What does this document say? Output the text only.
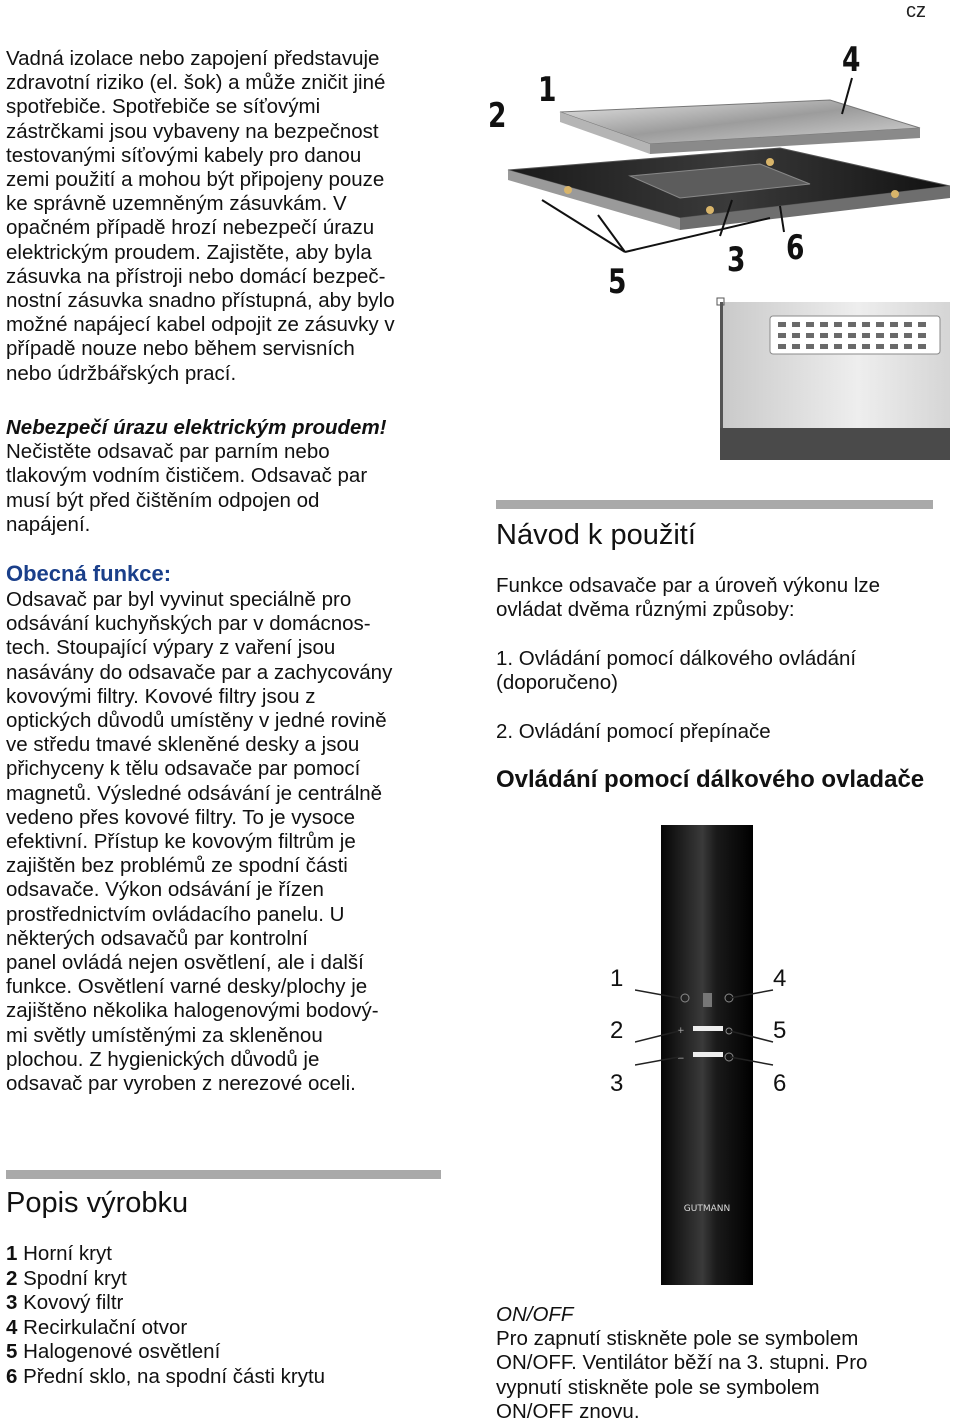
cz

Vadná izolace nebo zapojení představuje
zdravotní riziko (el. šok) a může zničit jiné
spotřebiče. Spotřebiče se síťovými
zástrčkami jsou vybaveny na bezpečnost
testovanými síťovými kabely pro danou
zemi použití a mohou být připojeny pouze
ke správně uzemněným zásuvkám. V
opačném případě hrozí nebezpečí úrazu
elektrickým proudem. Zajistěte, aby byla
zásuvka na přístroji nebo domácí bezpeč-
nostní zásuvka snadno přístupná, aby bylo
možné napájecí kabel odpojit ze zásuvky v
případě nouze nebo během servisních
nebo údržbářských prací.

Nebezpečí úrazu elektrickým proudem!
Nečistěte odsavač par parním nebo
tlakovým vodním čističem. Odsavač par
musí být před čištěním odpojen od
napájení.

Obecná funkce:

Odsavač par byl vyvinut speciálně pro
odsávání kuchyňských par v domácnos-
tech. Stoupající výpary z vaření jsou
nasávány do odsavače par a zachycovány
kovovými filtry. Kovové filtry jsou z
optických důvodů umístěny v jedné rovině
ve středu tmavé skleněné desky a jsou
přichyceny k tělu odsavače par pomocí
magnetů. Výsledné odsávání je centrálně
vedeno přes kovové filtry. To je vysoce
efektivní. Přístup ke kovovým filtrům je
zajištěn bez problémů ze spodní části
odsavače. Výkon odsávání je řízen
prostřednictvím ovládacího panelu. U
některých odsavačů par kontrolní
panel ovládá nejen osvětlení, ale i další
funkce. Osvětlení varné desky/plochy je
zajištěno několika halogenovými bodový-
mi světly umístěnými za skleněnou
plochou. Z hygienických důvodů je
odsavač par vyroben z nerezové oceli.

Popis výrobku
1 Horní kryt
2 Spodní kryt
3 Kovový filtr
4 Recirkulační otvor
5 Halogenové osvětlení
6 Přední sklo, na spodní části krytu
2
1
4
5
3 6
Návod k použití

Funkce odsavače par a úroveň výkonu lze
ovládat dvěma různými způsoby:

1. Ovládání pomocí dálkového ovládání
(doporučeno)

2. Ovládání pomocí přepínače
Ovládání pomocí dálkového ovladače
+
−
GUTMANN
1
2
3
4
5
6

ON/OFF
Pro zapnutí stiskněte pole se symbolem
ON/OFF. Ventilátor běží na 3. stupni. Pro
vypnutí stiskněte pole se symbolem
ON/OFF znovu.
